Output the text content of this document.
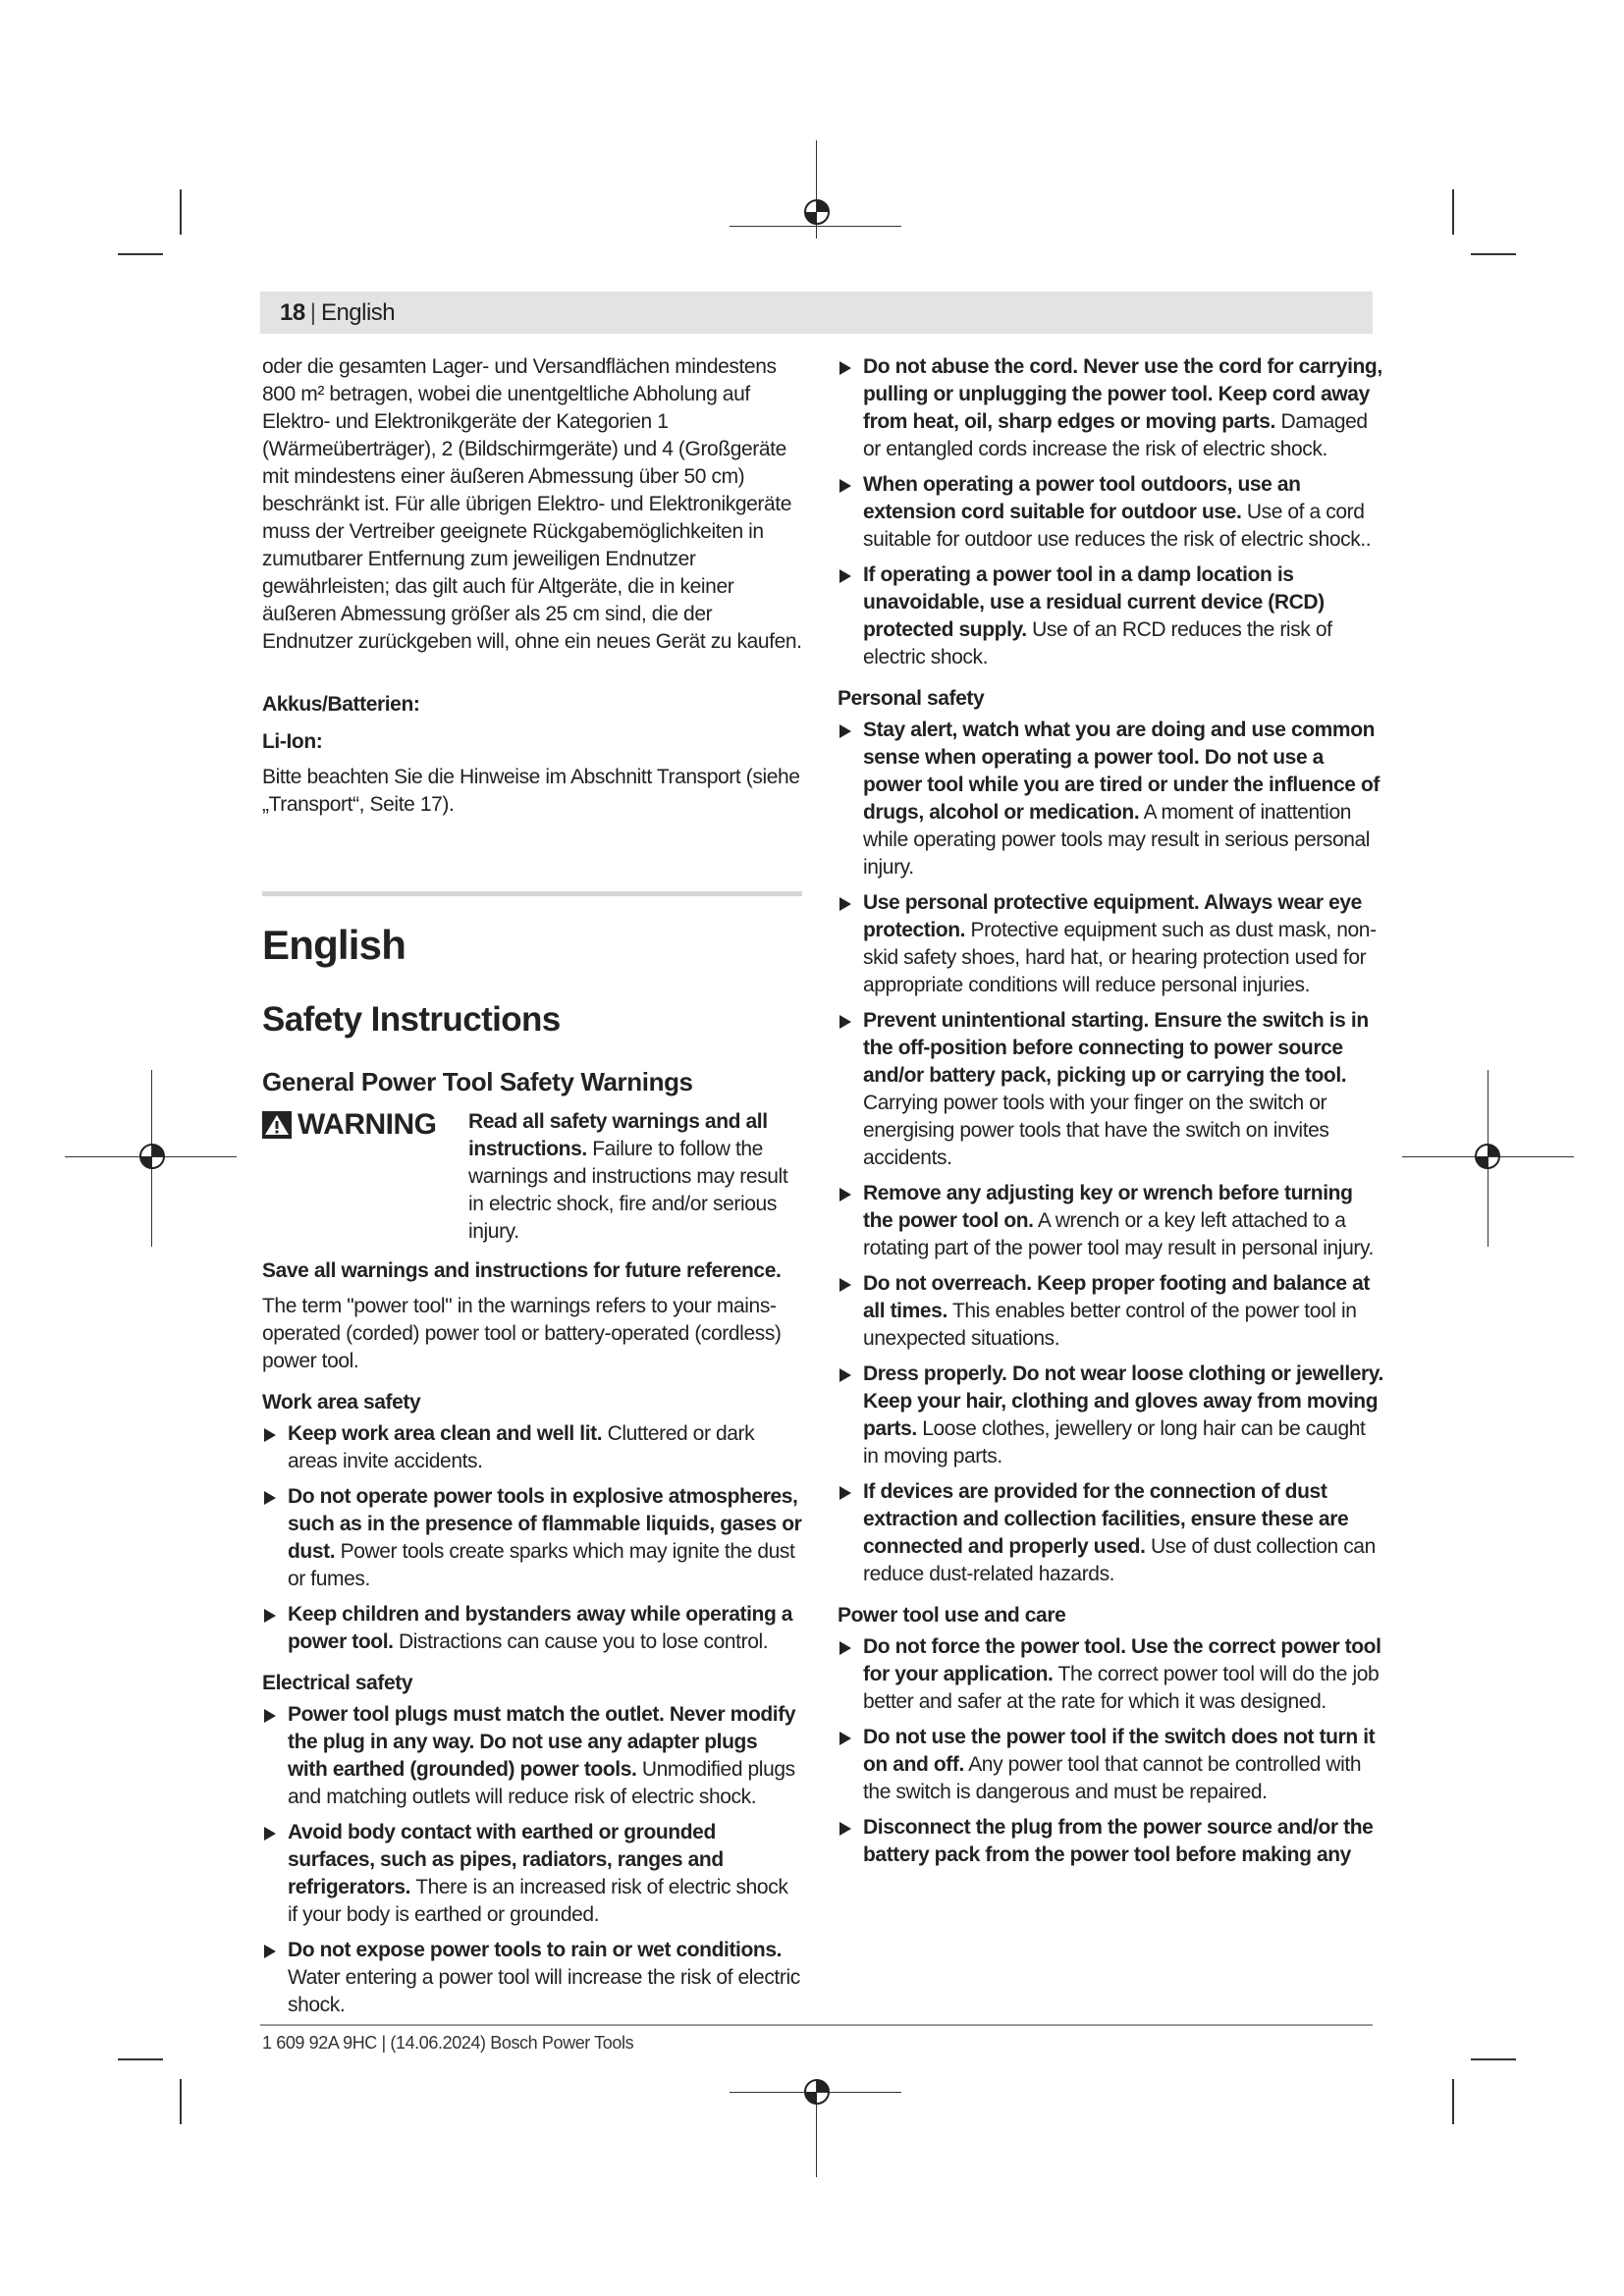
18 | English

oder die gesamten Lager- und Versandflächen mindestens 800 m² betragen, wobei die unentgeltliche Abholung auf Elektro- und Elektronikgeräte der Kategorien 1 (Wärmeüberträger), 2 (Bildschirmgeräte) und 4 (Großgeräte mit mindestens einer äußeren Abmessung über 50 cm) beschränkt ist. Für alle übrigen Elektro- und Elektronikgeräte muss der Vertreiber geeignete Rückgabemöglichkeiten in zumutbarer Entfernung zum jeweiligen Endnutzer gewährleisten; das gilt auch für Altgeräte, die in keiner äußeren Abmessung größer als 25 cm sind, die der Endnutzer zurückgeben will, ohne ein neues Gerät zu kaufen.

Akkus/Batterien:

Li-Ion:

Bitte beachten Sie die Hinweise im Abschnitt Transport (siehe „Transport“, Seite 17).

English
Safety Instructions
General Power Tool Safety Warnings
WARNING Read all safety warnings and all instructions. Failure to follow the warnings and instructions may result in electric shock, fire and/or serious injury.

Save all warnings and instructions for future reference.

The term "power tool" in the warnings refers to your mains-operated (corded) power tool or battery-operated (cordless) power tool.

Work area safety

Keep work area clean and well lit. Cluttered or dark areas invite accidents.
Do not operate power tools in explosive atmospheres, such as in the presence of flammable liquids, gases or dust. Power tools create sparks which may ignite the dust or fumes.
Keep children and bystanders away while operating a power tool. Distractions can cause you to lose control.

Electrical safety

Power tool plugs must match the outlet. Never modify the plug in any way. Do not use any adapter plugs with earthed (grounded) power tools. Unmodified plugs and matching outlets will reduce risk of electric shock.
Avoid body contact with earthed or grounded surfaces, such as pipes, radiators, ranges and refrigerators. There is an increased risk of electric shock if your body is earthed or grounded.
Do not expose power tools to rain or wet conditions. Water entering a power tool will increase the risk of electric shock.
Do not abuse the cord. Never use the cord for carrying, pulling or unplugging the power tool. Keep cord away from heat, oil, sharp edges or moving parts. Damaged or entangled cords increase the risk of electric shock.
When operating a power tool outdoors, use an extension cord suitable for outdoor use. Use of a cord suitable for outdoor use reduces the risk of electric shock..
If operating a power tool in a damp location is unavoidable, use a residual current device (RCD) protected supply. Use of an RCD reduces the risk of electric shock.

Personal safety

Stay alert, watch what you are doing and use common sense when operating a power tool. Do not use a power tool while you are tired or under the influence of drugs, alcohol or medication. A moment of inattention while operating power tools may result in serious personal injury.
Use personal protective equipment. Always wear eye protection. Protective equipment such as dust mask, non-skid safety shoes, hard hat, or hearing protection used for appropriate conditions will reduce personal injuries.
Prevent unintentional starting. Ensure the switch is in the off-position before connecting to power source and/or battery pack, picking up or carrying the tool. Carrying power tools with your finger on the switch or energising power tools that have the switch on invites accidents.
Remove any adjusting key or wrench before turning the power tool on. A wrench or a key left attached to a rotating part of the power tool may result in personal injury.
Do not overreach. Keep proper footing and balance at all times. This enables better control of the power tool in unexpected situations.
Dress properly. Do not wear loose clothing or jewellery. Keep your hair, clothing and gloves away from moving parts. Loose clothes, jewellery or long hair can be caught in moving parts.
If devices are provided for the connection of dust extraction and collection facilities, ensure these are connected and properly used. Use of dust collection can reduce dust-related hazards.

Power tool use and care

Do not force the power tool. Use the correct power tool for your application. The correct power tool will do the job better and safer at the rate for which it was designed.
Do not use the power tool if the switch does not turn it on and off. Any power tool that cannot be controlled with the switch is dangerous and must be repaired.
Disconnect the plug from the power source and/or the battery pack from the power tool before making any
1 609 92A 9HC | (14.06.2024) Bosch Power Tools
